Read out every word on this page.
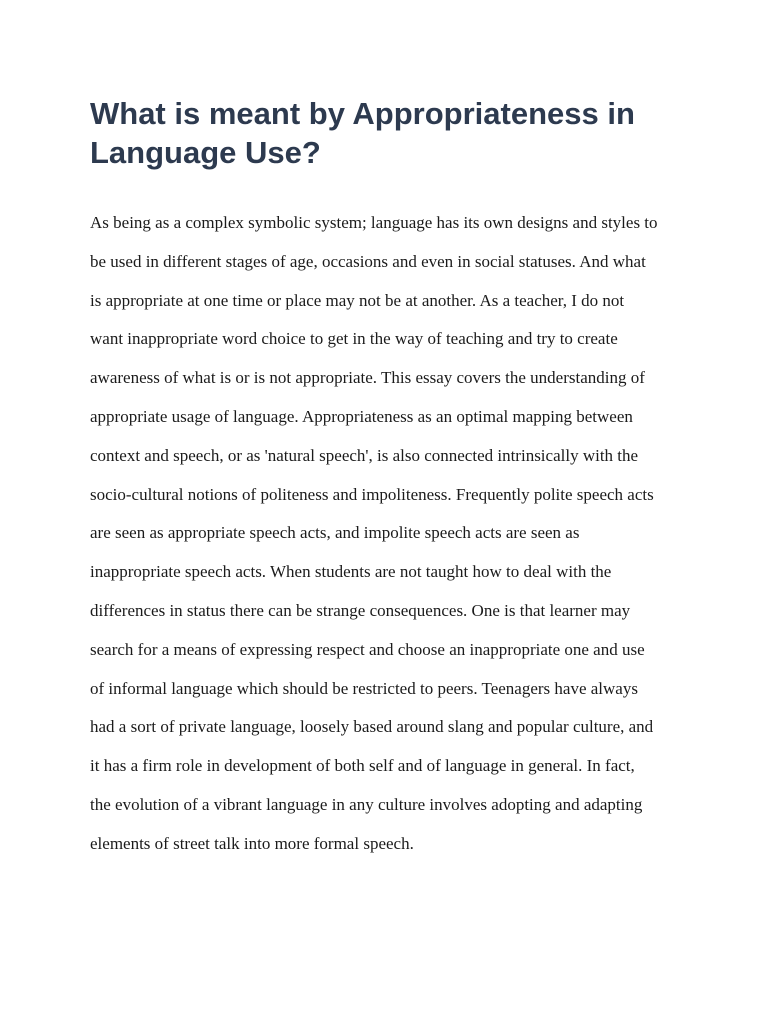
What is meant by Appropriateness in Language Use?
As being as a complex symbolic system; language has its own designs and styles to
be used in different stages of age, occasions and even in social statuses. And what
is appropriate at one time or place may not be at another. As a teacher, I do not
want inappropriate word choice to get in the way of teaching and try to create
awareness of what is or is not appropriate. This essay covers the understanding of
appropriate usage of language. Appropriateness as an optimal mapping between
context and speech, or as 'natural speech', is also connected intrinsically with the
socio-cultural notions of politeness and impoliteness. Frequently polite speech acts
are seen as appropriate speech acts, and impolite speech acts are seen as
inappropriate speech acts. When students are not taught how to deal with the
differences in status there can be strange consequences. One is that learner may
search for a means of expressing respect and choose an inappropriate one and use
of informal language which should be restricted to peers. Teenagers have always
had a sort of private language, loosely based around slang and popular culture, and
it has a firm role in development of both self and of language in general. In fact,
the evolution of a vibrant language in any culture involves adopting and adapting
elements of street talk into more formal speech.
